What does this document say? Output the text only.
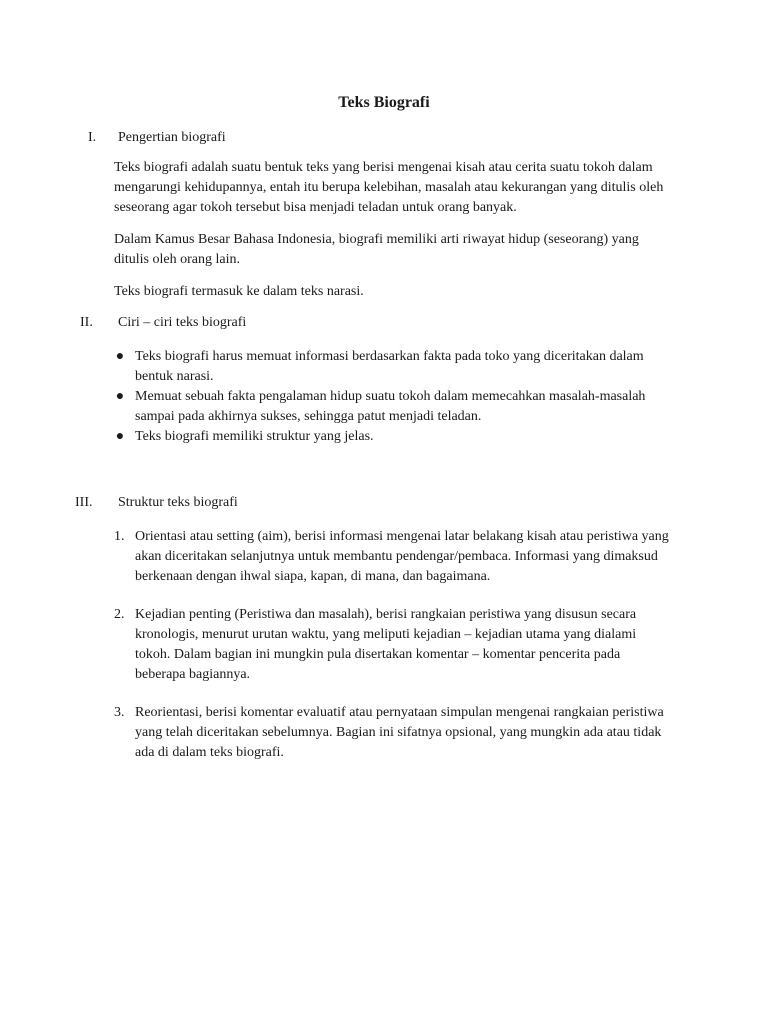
Teks Biografi
I. Pengertian biografi

Teks biografi adalah suatu bentuk teks yang berisi mengenai kisah atau cerita suatu tokoh dalam mengarungi kehidupannya, entah itu berupa kelebihan, masalah atau kekurangan yang ditulis oleh seseorang agar tokoh tersebut bisa menjadi teladan untuk orang banyak.

Dalam Kamus Besar Bahasa Indonesia, biografi memiliki arti riwayat hidup (seseorang) yang ditulis oleh orang lain.

Teks biografi termasuk ke dalam teks narasi.

II. Ciri – ciri teks biografi
● Teks biografi harus memuat informasi berdasarkan fakta pada toko yang diceritakan dalam bentuk narasi.
● Memuat sebuah fakta pengalaman hidup suatu tokoh dalam memecahkan masalah-masalah sampai pada akhirnya sukses, sehingga patut menjadi teladan.
● Teks biografi memiliki struktur yang jelas.
III. Struktur teks biografi
1. Orientasi atau setting (aim), berisi informasi mengenai latar belakang kisah atau peristiwa yang akan diceritakan selanjutnya untuk membantu pendengar/pembaca. Informasi yang dimaksud berkenaan dengan ihwal siapa, kapan, di mana, dan bagaimana.
2. Kejadian penting (Peristiwa dan masalah), berisi rangkaian peristiwa yang disusun secara kronologis, menurut urutan waktu, yang meliputi kejadian – kejadian utama yang dialami tokoh. Dalam bagian ini mungkin pula disertakan komentar – komentar pencerita pada beberapa bagiannya.
3. Reorientasi, berisi komentar evaluatif atau pernyataan simpulan mengenai rangkaian peristiwa yang telah diceritakan sebelumnya. Bagian ini sifatnya opsional, yang mungkin ada atau tidak ada di dalam teks biografi.
